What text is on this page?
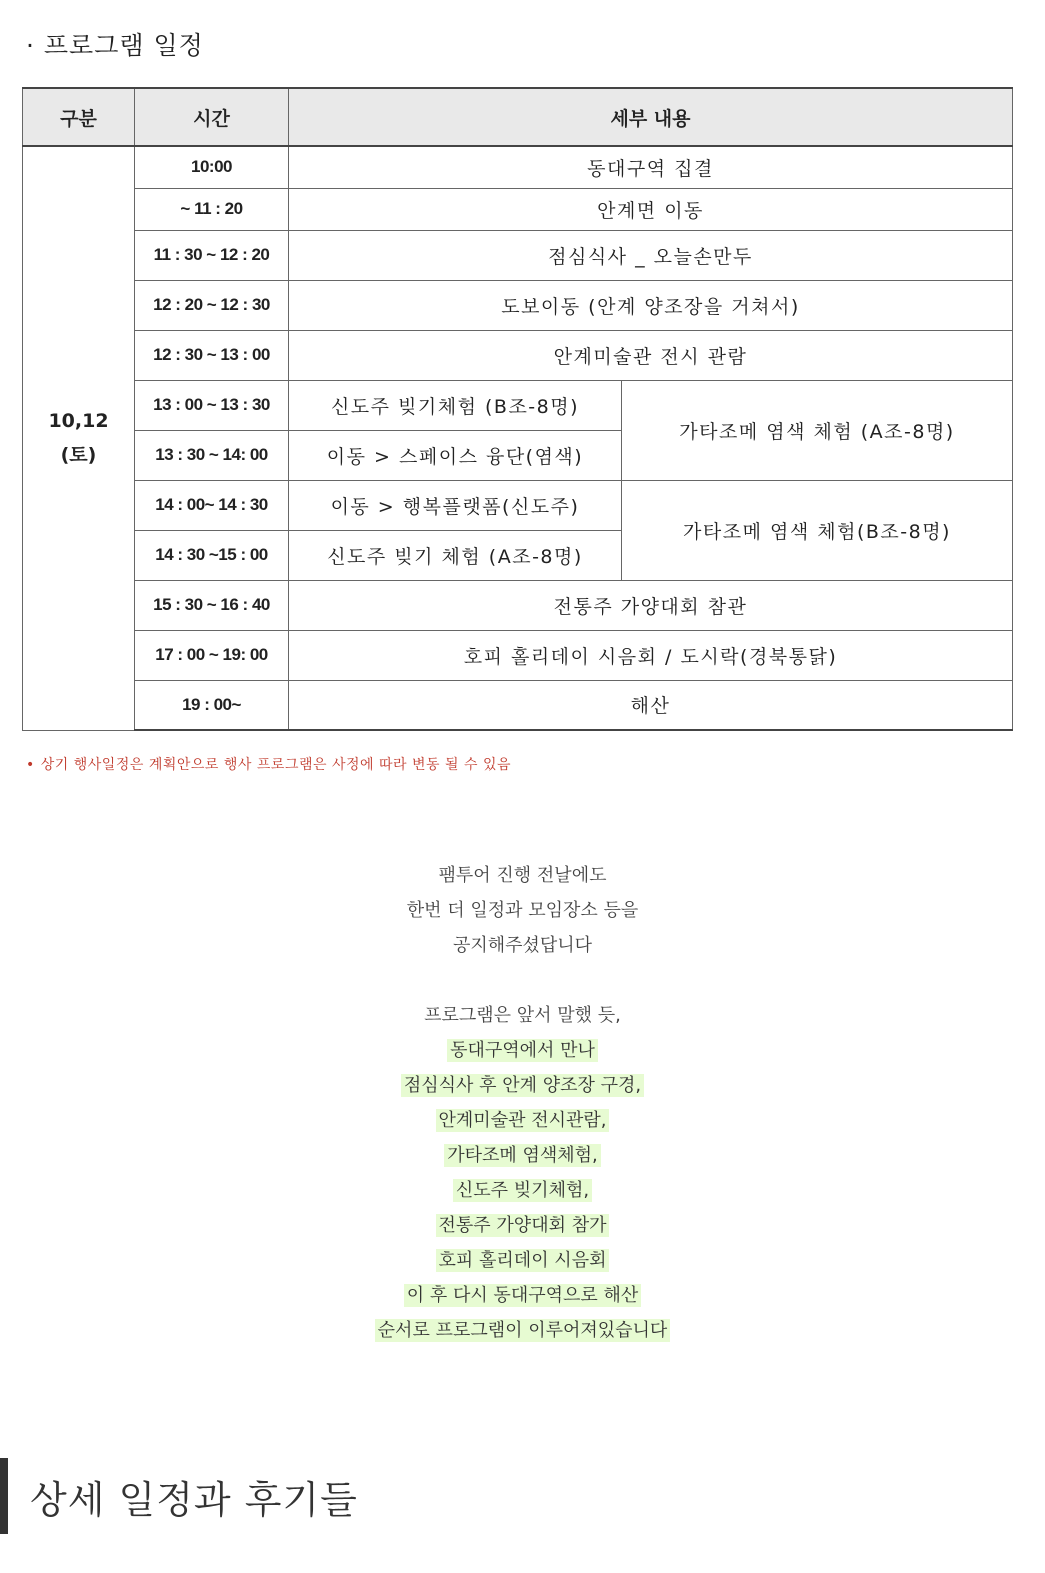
· 프로그램 일정
구분	시간	세부 내용	

10,12
(토)	10:00	동대구역 집결	
	~ 11 : 20	안계면 이동	
	11 : 30 ~ 12 : 20	점심식사 _ 오늘손만두	
	12 : 20 ~ 12 : 30	도보이동 (안계 양조장을 거쳐서)	
	12 : 30 ~ 13 : 00	안계미술관 전시 관람	
	13 : 00 ~ 13 : 30	신도주 빚기체험 (B조-8명)	가타조메 염색 체험 (A조-8명)
	13 : 30 ~ 14: 00	이동 > 스페이스 융단(염색)	
	14 : 00~ 14 : 30	이동 > 행복플랫폼(신도주)	가타조메 염색 체험(B조-8명)
	14 : 30 ~15 : 00	신도주 빚기 체험 (A조-8명)	
	15 : 30 ~ 16 : 40	전통주 가양대회 참관	
	17 : 00 ~ 19: 00	호피 홀리데이 시음회 / 도시락(경북통닭)	
	19 : 00~	해산	

• 상기 행사일정은 계획안으로 행사 프로그램은 사정에 따라 변동 될 수 있음

팸투어 진행 전날에도
한번 더 일정과 모임장소 등을
공지해주셨답니다

프로그램은 앞서 말했 듯,
동대구역에서 만나
점심식사 후 안계 양조장 구경,
안계미술관 전시관람,
가타조메 염색체험,
신도주 빚기체험,
전통주 가양대회 참가
호피 홀리데이 시음회
이 후 다시 동대구역으로 해산
순서로 프로그램이 이루어져있습니다

상세 일정과 후기들
